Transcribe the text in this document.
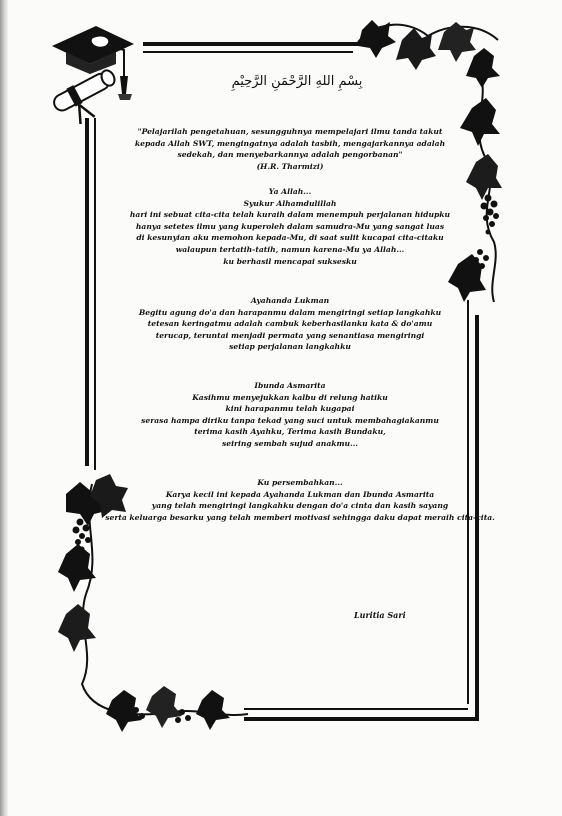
بِسْمِ اللهِ الرَّحْمَنِ الرَّحِيْمِ

"Pelajarilah pengetahuan, sesungguhnya mempelajari ilmu tanda takut

kepada Allah SWT, mengingatnya adalah tasbih, mengajarkannya adalah

sedekah, dan menyebarkannya adalah pengorbanan"

(H.R. Tharmizi)

Ya Allah...

Syukur Alhamdulillah

hari ini sebuat cita-cita telah kuraih dalam menempuh perjalanan hidupku

hanya setetes ilmu yang kuperoleh dalam samudra-Mu yang sangat luas

di kesunyian aku memohon kepada-Mu, di saat sulit kucapai cita-citaku

walaupun tertatih-tatih, namun karena-Mu ya Allah...

ku berhasil mencapai suksesku

Ayahanda Lukman

Begitu agung do'a dan harapanmu dalam mengiringi setiap langkahku

tetesan keringatmu adalah cambuk keberhasilanku kata & do'amu

terucap, teruntai menjadi permata yang senantiasa mengiringi

setiap perjalanan langkahku

Ibunda Asmarita

Kasihmu menyejukkan kalbu di relung hatiku

kini harapanmu telah kugapai

serasa hampa diriku tanpa tekad yang suci untuk membahagiakanmu

terima kasih Ayahku, Terima kasih Bundaku,

seiring sembah sujud anakmu...

Ku persembahkan...

Karya kecil ini kepada Ayahanda Lukman dan Ibunda Asmarita

yang telah mengiringi langkahku dengan do'a cinta dan kasih sayang

serta keluarga besarku yang telah memberi motivasi sehingga daku dapat meraih cita-cita.

Luritia Sari
